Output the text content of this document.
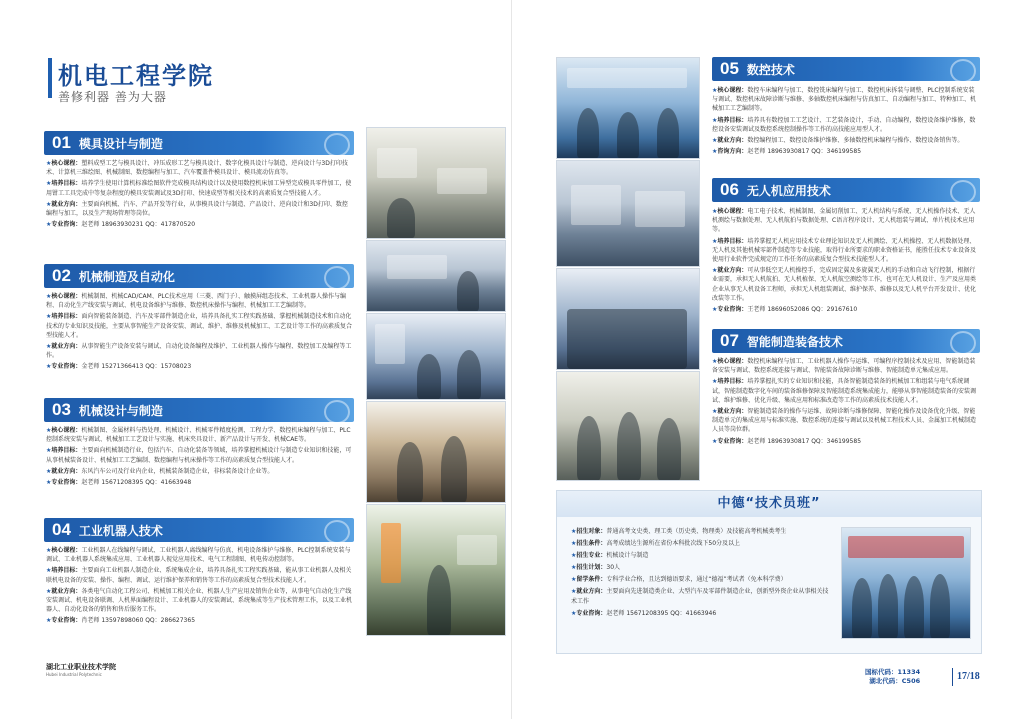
机电工程学院
善修利器 善为大器
01 模具设计与制造

★核心课程：塑料成型工艺与模具设计、冲压成形工艺与模具设计、数字化模具设计与制造、逆向设计与3D打印技术、计算机三维绘图、机械制图、数控编程与加工、汽车覆盖件模具设计、模具流动仿真等。

★培养目标：培养学生使用计算机标准绘图软件完成模具结构设计以及使用数控机床加工异型完成模具零件加工，使用钳工工具完成中等复杂程度的模具安装调试及3D打印、快速成型等相关技术的高素质复合型技能人才。

★就业方向：主要面向机械、汽车、产品开发等行业，从事模具设计与制造、产品设计、逆向设计和3D打印、数控编程与加工，以及生产现场管理等岗位。

★专业咨询：赵老师 18963930231 QQ：417870520

02 机械制造及自动化

★核心课程：机械制图、机械CAD/CAM、PLC技术应用（三菱、西门子）、触摸屏组态技术、工业机器人操作与编程、自动化生产线安装与调试、机电设备维护与维修、数控机床操作与编程、机械加工工艺编制等。

★培养目标：面向智能装备制造、汽车及零部件制造企业，培养具备扎实工程实践基础、掌握机械制造技术和自动化技术的专业知识及技能，主要从事智能生产设备安装、调试、维护、维修及机械加工、工艺设计等工作的高素质复合型技能人才。

★就业方向：从事智能生产设备安装与调试、自动化设备编程及维护、工业机器人操作与编程、数控加工及编程等工作。

★专业咨询：金老师 15271366413 QQ：15708023

03 机械设计与制造

★核心课程：机械制图、金属材料与热处理、机械设计、机械零件精度检测、工程力学、数控机床编程与加工、PLC控制系统安装与调试、机械加工工艺设计与实施、机床夹具设计、新产品设计与开发、机械CAE等。

★培养目标：主要面向机械制造行业，包括汽车、自动化装备等领域，培养掌握机械设计与制造专业知识和技能，可从事机械装备设计、机械加工工艺编制、数控编程与机床操作等工作的高素质复合型技能人才。

★就业方向：东风汽车公司及行业内企业，机械装备制造企业，非标装备设计企业等。

★专业咨询：赵老师 15671208395 QQ：41663948

04 工业机器人技术

★核心课程：工业机器人在线编程与调试、工业机器人离线编程与仿真、机电设备维护与维修、PLC控制系统安装与调试、工业机器人系统集成应用、工业机器人视觉应用技术、电气工程制图、机电传动控制等。

★培养目标：主要面向工业机器人制造企业、系统集成企业，培养具备扎实工程实践基础，能从事工业机器人及相关联机电设备的安装、操作、编程、调试、运行维护保养和销售等工作的高素质复合型技术技能人才。

★就业方向：各类电气自动化工程公司、机械加工相关企业、机器人生产应用及销售企业等，从事电气自动化生产线安装调试、机电设备联调、人机界面编程设计、工业机器人的安装调试、系统集成等生产技术管理工作，以及工业机器人、自动化设备的销售和售后服务工作。

★专业咨询：肖老师 13597898060 QQ：286627365

湖北工业职业技术学院
Hubei Industrial Polytechnic
05 数控技术

★核心课程：数控车床编程与加工、数控铣床编程与加工、数控机床拆装与调整、PLC控制系统安装与调试、数控机床故障诊断与维修、多轴数控机床编程与仿真加工、自动编程与加工、特种加工、机械加工工艺编制等。

★培养目标：培养具有数控加工工艺设计、工艺装备设计，手动、自动编程，数控设备维护维修，数控设备安装调试及数控系统控制操作等工作的高技能应用型人才。

★就业方向：数控编程加工、数控设备维护维修、多轴数控机床编程与操作、数控设备销售等。

★咨询方向：赵老师 18963930817 QQ：346199585

06 无人机应用技术

★核心课程：电工电子技术、机械制图、金属切削加工、无人机结构与系统、无人机操作技术、无人机测绘与数据处理、无人机航拍与数据处理、C语言程序设计、无人机组装与调试、单片机技术应用等。

★培养目标：培养掌握无人机应用技术专业理论知识及无人机测绘、无人机操控、无人机数据处理、无人机及其他机械零部件制造等专业技能，取得行业所要求的职业资格证书，能胜任技术专业设备及使用行业软件完成规定的工作任务的高素质复合型技术技能型人才。

★就业方向：可从事低空无人机操控手，完成固定翼及多旋翼无人机的手动和自动飞行控制，根据行业需要，承担无人机航拍、无人机植保、无人机航空测绘等工作，也可在无人机设计、生产及应用类企业从事无人机设备工程师，承担无人机组装调试、维护保养、维修以及无人机平台开发设计、优化改装等工作。

★专业咨询：王老师 18696052086 QQ：29167610

07 智能制造装备技术

★核心课程：数控机床编程与加工、工业机器人操作与运维、可编程序控制技术及应用、智能制造装备安装与调试、数控系统连接与调试、智能装备故障诊断与维修、智能制造单元集成应用。

★培养目标：培养掌握扎实的专业知识和技能，具备智能制造装备的机械加工和组装与电气系统调试，智能制造数字化车间的装备维修保障及智能制造系统集成能力，能够从事智能制造装备的安装调试、维护维修、优化升级、集成应用和标准改造等工作的高素质技术技能人才。

★就业方向：智能制造装备的操作与运维、故障诊断与维修保障、智能化操作及设备优化升级、智能制造单元的集成应用与标准实施、数控系统的连接与调试以及机械工程技术人员、金属加工机械制造人员等岗位群。

★专业咨询：赵老师 18963930817 QQ：346199585

中德“技术员班”

★招生对象：普通高考文史类、理工类（历史类、物理类）及技能高考机械类考生

★招生条件：高考成绩达生源所在省份本科批次线下50分及以上

★招生专业：机械设计与制造

★招生计划：30人

★留学条件：专科学业合格，且达到德语要求，通过“德福”考试者（免本科学费）

★就业方向：主要面向先进制造类企业、大型汽车及零部件制造企业，创新型外资企业从事相关技术工作

★专业咨询：赵老师 15671208395 QQ：41663946

国标代码：11334
湖北代码：C506	17/18
